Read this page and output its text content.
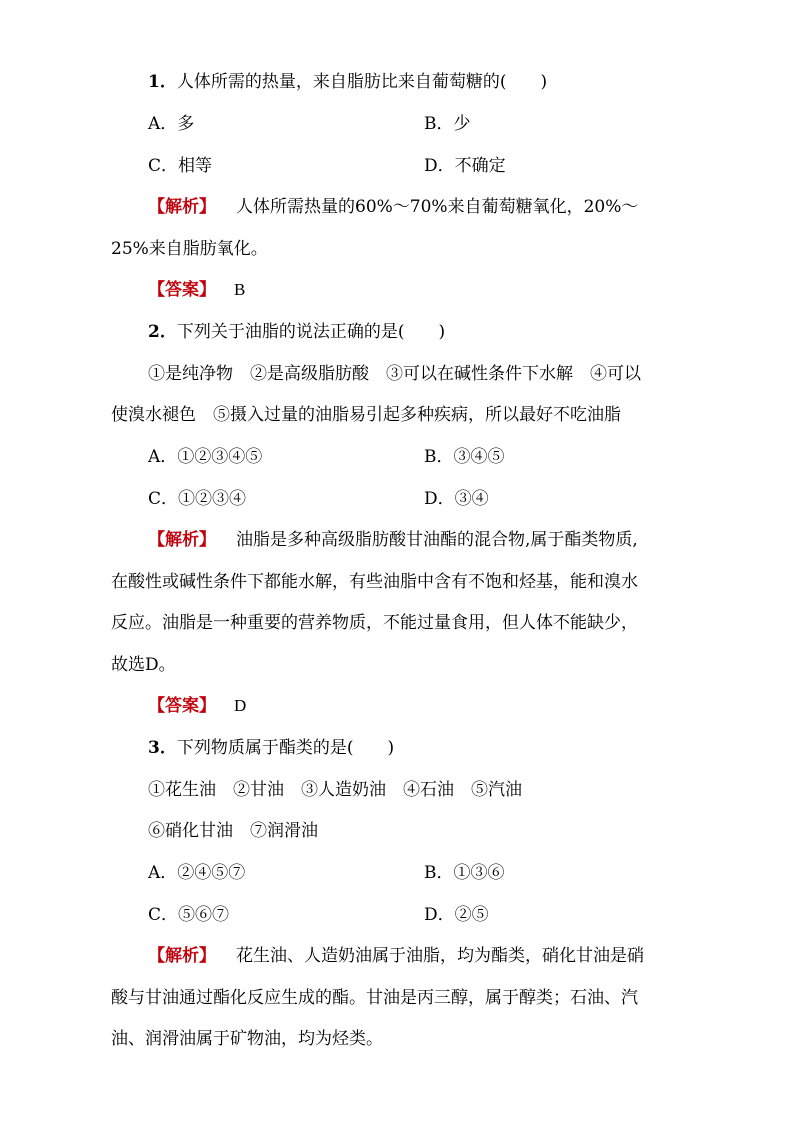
1．人体所需的热量，来自脂肪比来自葡萄糖的(　　)
A．多	B．少
C．相等	D．不确定
【解析】 人体所需热量的60%～70%来自葡萄糖氧化，20%～
25%来自脂肪氧化。
【答案】 B
2．下列关于油脂的说法正确的是(　　)
①是纯净物　②是高级脂肪酸　③可以在碱性条件下水解　④可以
使溴水褪色　⑤摄入过量的油脂易引起多种疾病，所以最好不吃油脂
A．①②③④⑤	B．③④⑤
C．①②③④	D．③④
【解析】 油脂是多种高级脂肪酸甘油酯的混合物,属于酯类物质,
在酸性或碱性条件下都能水解，有些油脂中含有不饱和烃基，能和溴水
反应。油脂是一种重要的营养物质，不能过量食用，但人体不能缺少，
故选D。
【答案】 D
3．下列物质属于酯类的是(　　)
①花生油　②甘油　③人造奶油　④石油　⑤汽油
⑥硝化甘油　⑦润滑油
A．②④⑤⑦	B．①③⑥
C．⑤⑥⑦	D．②⑤
【解析】 花生油、人造奶油属于油脂，均为酯类，硝化甘油是硝
酸与甘油通过酯化反应生成的酯。甘油是丙三醇，属于醇类；石油、汽
油、润滑油属于矿物油，均为烃类。
